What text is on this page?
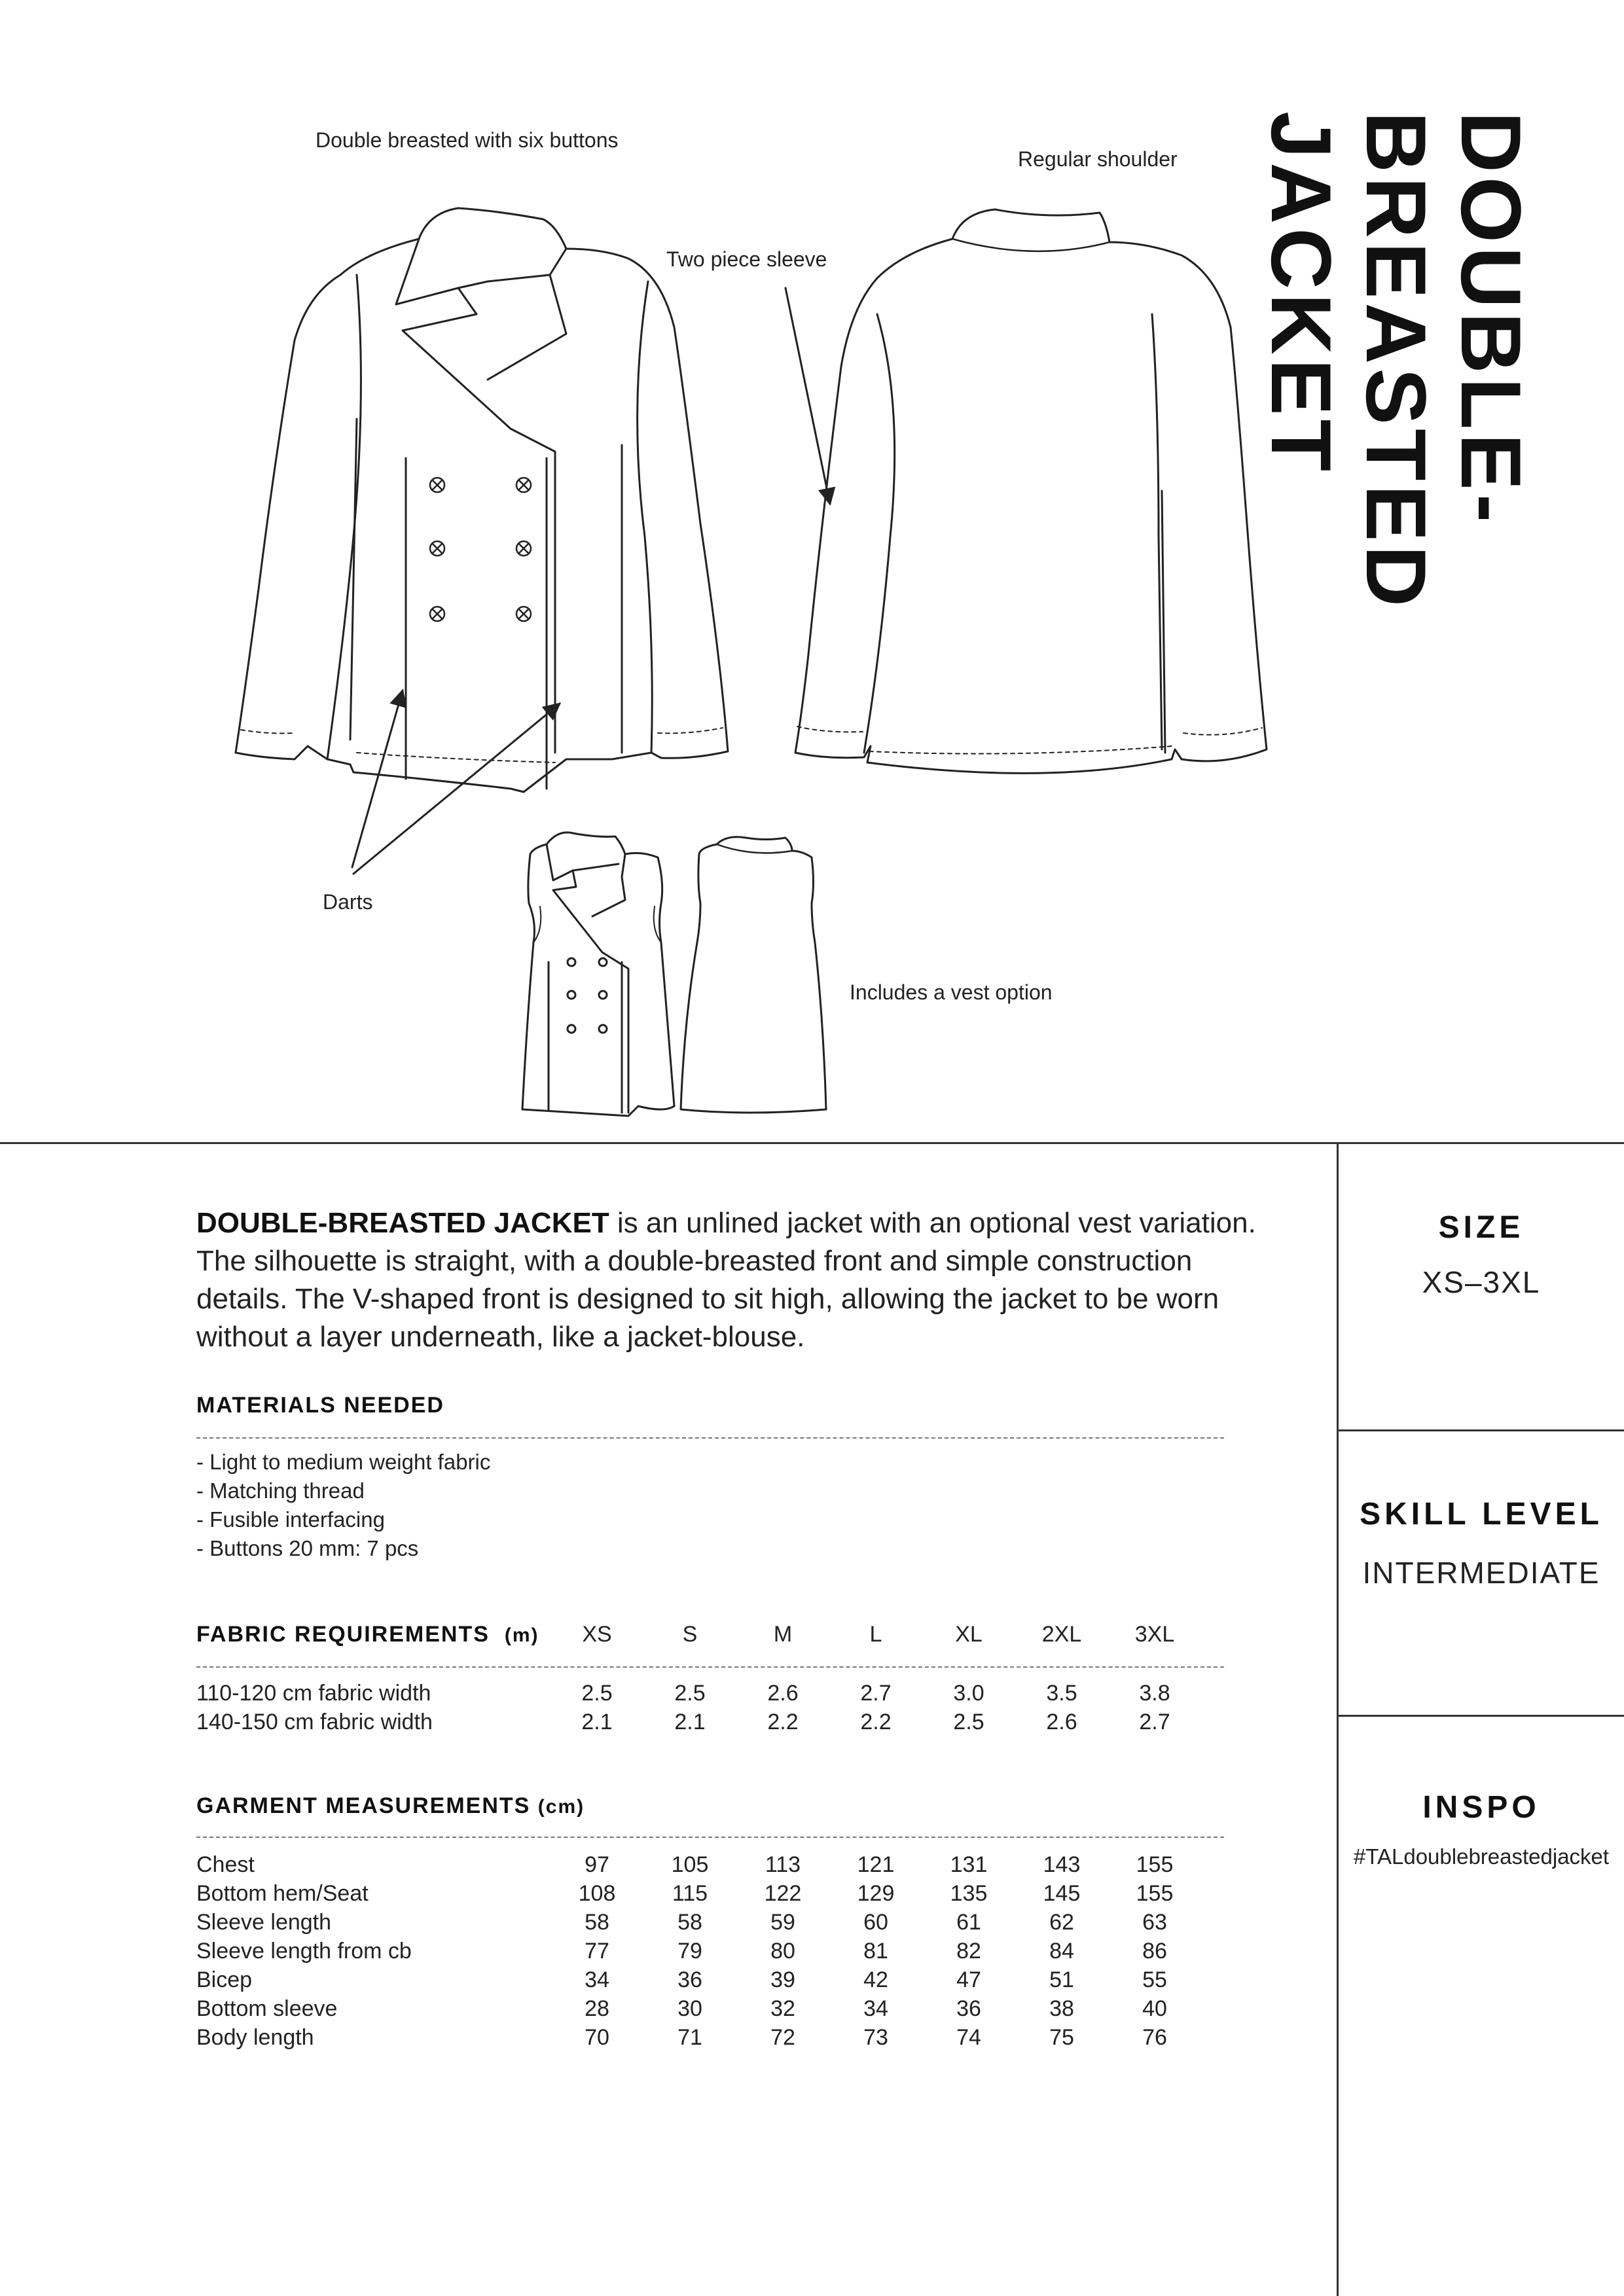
Double breasted with six buttons
Regular shoulder
Two piece sleeve
Darts
Includes a vest option
DOUBLE-BREASTED
JACKET
DOUBLE-BREASTED JACKET is an unlined jacket with an optional vest variation. The silhouette is straight, with a double-breasted front and simple construction details. The V-shaped front is designed to sit high, allowing the jacket to be worn without a layer underneath, like a jacket-blouse.
MATERIALS NEEDED
- Light to medium weight fabric
- Matching thread
- Fusible interfacing
- Buttons 20 mm: 7 pcs
FABRIC REQUIREMENTS (m)	XS	S	M	L	XL	2XL	3XL
110-120 cm fabric width	2.5	2.5	2.6	2.7	3.0	3.5	3.8
140-150 cm fabric width	2.1	2.1	2.2	2.2	2.5	2.6	2.7
GARMENT MEASUREMENTS (cm)
Chest	97	105	113	121	131	143	155
Bottom hem/Seat	108	115	122	129	135	145	155
Sleeve length	58	58	59	60	61	62	63
Sleeve length from cb	77	79	80	81	82	84	86
Bicep	34	36	39	42	47	51	55
Bottom sleeve	28	30	32	34	36	38	40
Body length	70	71	72	73	74	75	76
SIZE
XS–3XL
SKILL LEVEL
INTERMEDIATE
INSPO
#TALdoublebreastedjacket
